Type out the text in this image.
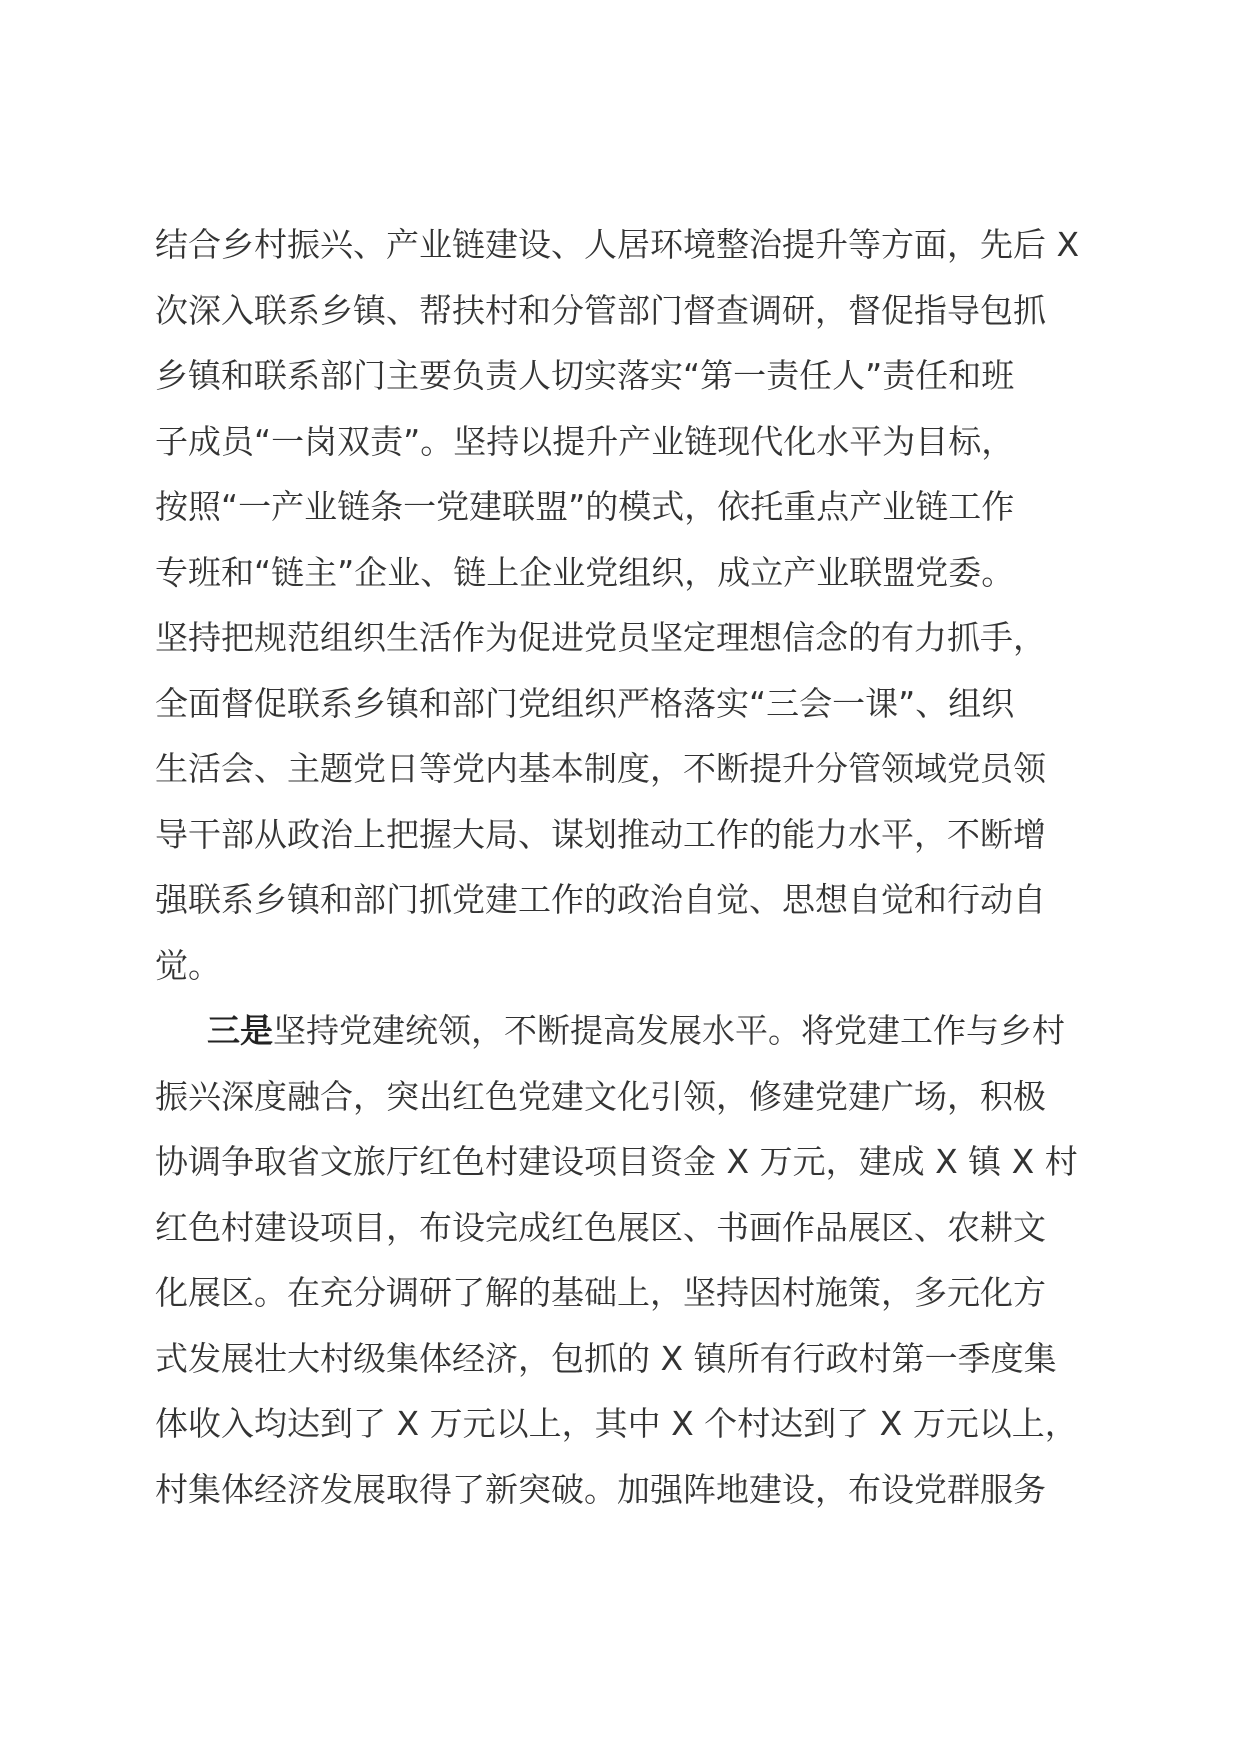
结合乡村振兴、产业链建设、人居环境整治提升等方面，先后 X
次深入联系乡镇、帮扶村和分管部门督查调研，督促指导包抓
乡镇和联系部门主要负责人切实落实“第一责任人”责任和班
子成员“一岗双责”。坚持以提升产业链现代化水平为目标，
按照“一产业链条一党建联盟”的模式，依托重点产业链工作
专班和“链主”企业、链上企业党组织，成立产业联盟党委。
坚持把规范组织生活作为促进党员坚定理想信念的有力抓手，
全面督促联系乡镇和部门党组织严格落实“三会一课”、组织
生活会、主题党日等党内基本制度，不断提升分管领域党员领
导干部从政治上把握大局、谋划推动工作的能力水平，不断增
强联系乡镇和部门抓党建工作的政治自觉、思想自觉和行动自
觉。
三是坚持党建统领，不断提高发展水平。将党建工作与乡村
振兴深度融合，突出红色党建文化引领，修建党建广场，积极
协调争取省文旅厅红色村建设项目资金 X 万元，建成 X 镇 X 村
红色村建设项目，布设完成红色展区、书画作品展区、农耕文
化展区。在充分调研了解的基础上，坚持因村施策，多元化方
式发展壮大村级集体经济，包抓的 X 镇所有行政村第一季度集
体收入均达到了 X 万元以上，其中 X 个村达到了 X 万元以上，
村集体经济发展取得了新突破。加强阵地建设，布设党群服务
